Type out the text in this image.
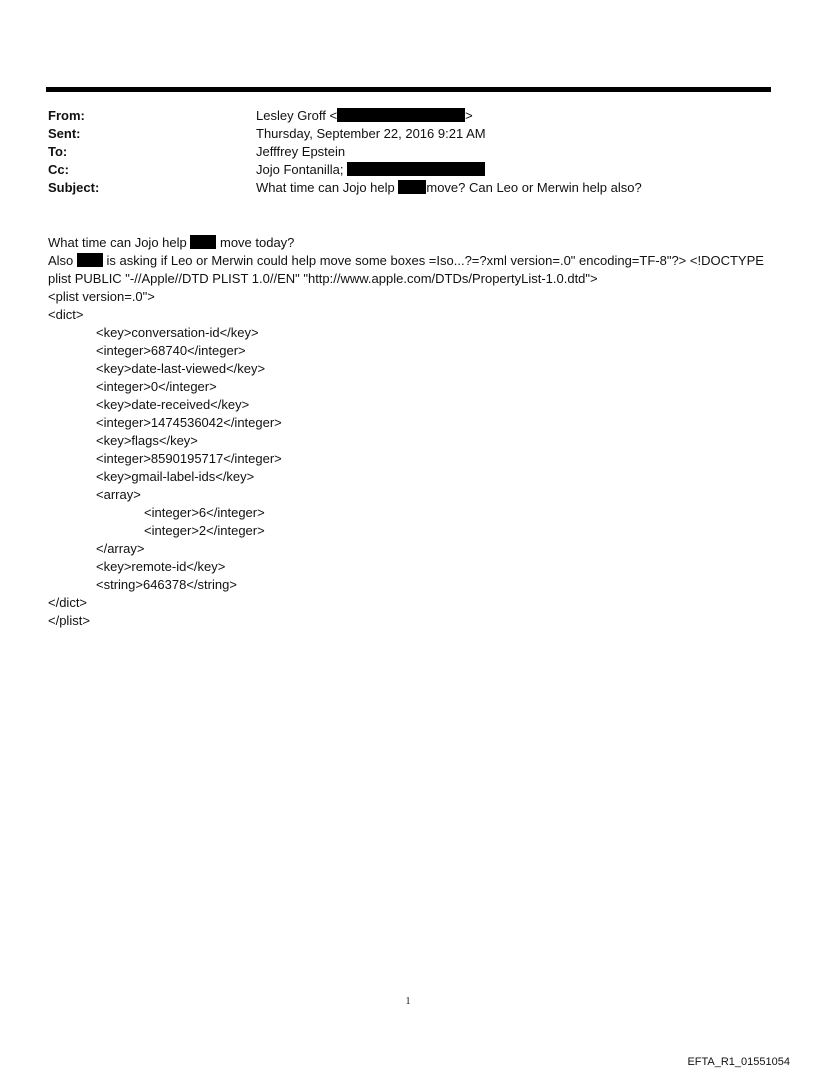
From:	Lesley Groff <	>
Sent:	Thursday, September 22, 2016 9:21 AM
To:	Jefffrey Epstein
Cc:	Jojo Fontanilla;
Subject:	What time can Jojo help move? Can Leo or Merwin help also?
What time can Jojo help	move today?
Also	is asking if Leo or Merwin could help move some boxes =Iso...?=?xml version=.0" encoding=TF-8"?> <!DOCTYPE plist PUBLIC "-//Apple//DTD PLIST 1.0//EN" "http://www.apple.com/DTDs/PropertyList-1.0.dtd">
<plist version=.0">
<dict>
<key>conversation-id</key>
<integer>68740</integer>
<key>date-last-viewed</key>
<integer>0</integer>
<key>date-received</key>
<integer>1474536042</integer>
<key>flags</key>
<integer>8590195717</integer>
<key>gmail-label-ids</key>
<array>
<integer>6</integer>
<integer>2</integer>
</array>
<key>remote-id</key>
<string>646378</string>
</dict>
</plist>
1
EFTA_R1_01551054
